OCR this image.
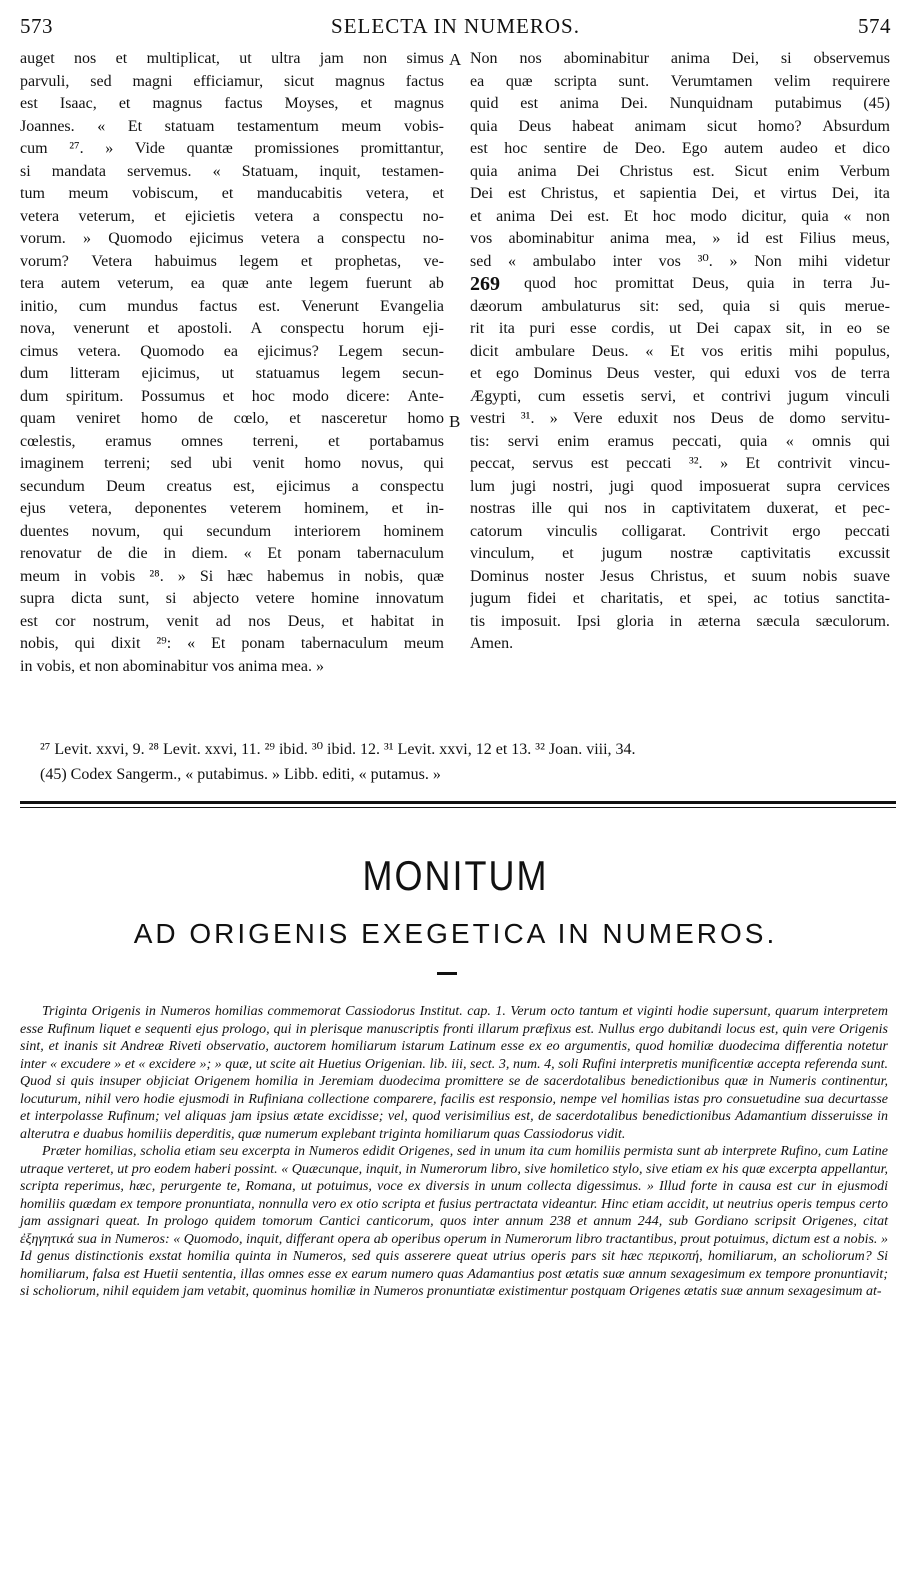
573	SELECTA IN NUMEROS.	574
auget nos et multiplicat, ut ultra jam non simus
parvuli, sed magni efficiamur, sicut magnus factus
est Isaac, et magnus factus Moyses, et magnus
Joannes. « Et statuam testamentum meum vobis-
cum ²⁷. » Vide quantæ promissiones promittantur,
si mandata servemus. « Statuam, inquit, testamen-
tum meum vobiscum, et manducabitis vetera, et
vetera veterum, et ejicietis vetera a conspectu no-
vorum. » Quomodo ejicimus vetera a conspectu no-
vorum? Vetera habuimus legem et prophetas, ve-
tera autem veterum, ea quæ ante legem fuerunt ab
initio, cum mundus factus est. Venerunt Evangelia
nova, venerunt et apostoli. A conspectu horum eji-
cimus vetera. Quomodo ea ejicimus? Legem secun-
dum litteram ejicimus, ut statuamus legem secun-
dum spiritum. Possumus et hoc modo dicere: Ante-
quam veniret homo de cœlo, et nasceretur homo
cœlestis, eramus omnes terreni, et portabamus
imaginem terreni; sed ubi venit homo novus, qui
secundum Deum creatus est, ejicimus a conspectu
ejus vetera, deponentes veterem hominem, et in-
duentes novum, qui secundum interiorem hominem
renovatur de die in diem. « Et ponam tabernaculum
meum in vobis ²⁸. » Si hæc habemus in nobis, quæ
supra dicta sunt, si abjecto vetere homine innovatum
est cor nostrum, venit ad nos Deus, et habitat in
nobis, qui dixit ²⁹: « Et ponam tabernaculum meum
in vobis, et non abominabitur vos anima mea. »
Non nos abominabitur anima Dei, si observemus
ea quæ scripta sunt. Verumtamen velim requirere
quid est anima Dei. Nunquidnam putabimus (45)
quia Deus habeat animam sicut homo? Absurdum
est hoc sentire de Deo. Ego autem audeo et dico
quia anima Dei Christus est. Sicut enim Verbum
Dei est Christus, et sapientia Dei, et virtus Dei, ita
et anima Dei est. Et hoc modo dicitur, quia « non
vos abominabitur anima mea, » id est Filius meus,
sed « ambulabo inter vos ³⁰. » Non mihi videtur
269 quod hoc promittat Deus, quia in terra Ju-
dæorum ambulaturus sit: sed, quia si quis merue-
rit ita puri esse cordis, ut Dei capax sit, in eo se
dicit ambulare Deus. « Et vos eritis mihi populus,
et ego Dominus Deus vester, qui eduxi vos de terra
Ægypti, cum essetis servi, et contrivi jugum vinculi
vestri ³¹. » Vere eduxit nos Deus de domo servitu-
tis: servi enim eramus peccati, quia « omnis qui
peccat, servus est peccati ³². » Et contrivit vincu-
lum jugi nostri, jugi quod imposuerat supra cervices
nostras ille qui nos in captivitatem duxerat, et pec-
catorum vinculis colligarat. Contrivit ergo peccati
vinculum, et jugum nostræ captivitatis excussit
Dominus noster Jesus Christus, et suum nobis suave
jugum fidei et charitatis, et spei, ac totius sanctita-
tis imposuit. Ipsi gloria in æterna sæcula sæculorum.
Amen.
A
B
²⁷ Levit. xxvi, 9. ²⁸ Levit. xxvi, 11. ²⁹ ibid. ³⁰ ibid. 12. ³¹ Levit. xxvi, 12 et 13. ³² Joan. viii, 34.
(45) Codex Sangerm., « putabimus. » Libb. editi, « putamus. »
MONITUM
AD ORIGENIS EXEGETICA IN NUMEROS.

Triginta Origenis in Numeros homilias commemorat Cassiodorus Institut. cap. 1. Verum octo tantum et viginti hodie supersunt, quarum interpretem esse Rufinum liquet e sequenti ejus prologo, qui in plerisque manuscriptis fronti illarum præfixus est. Nullus ergo dubitandi locus est, quin vere Origenis sint, et inanis sit Andreæ Riveti observatio, auctorem homiliarum istarum Latinum esse ex eo argumentis, quod homiliæ duodecima differentia notetur inter « excudere » et « excidere »; » quæ, ut scite ait Huetius Origenian. lib. iii, sect. 3, num. 4, soli Rufini interpretis munificentiæ accepta referenda sunt. Quod si quis insuper objiciat Origenem homilia in Jeremiam duodecima promittere se de sacerdotalibus benedictionibus quæ in Numeris continentur, locuturum, nihil vero hodie ejusmodi in Rufiniana collectione comparere, facilis est responsio, nempe vel homilias istas pro consuetudine sua decurtasse et interpolasse Rufinum; vel aliquas jam ipsius ætate excidisse; vel, quod verisimilius est, de sacerdotalibus benedictionibus Adamantium disseruisse in alterutra e duabus homiliis deperditis, quæ numerum explebant triginta homiliarum quas Cassiodorus vidit.

Præter homilias, scholia etiam seu excerpta in Numeros edidit Origenes, sed in unum ita cum homiliis permista sunt ab interprete Rufino, cum Latine utraque verteret, ut pro eodem haberi possint. « Quæcunque, inquit, in Numerorum libro, sive homiletico stylo, sive etiam ex his quæ excerpta appellantur, scripta reperimus, hæc, perurgente te, Romana, ut potuimus, voce ex diversis in unum collecta digessimus. » Illud forte in causa est cur in ejusmodi homiliis quædam ex tempore pronuntiata, nonnulla vero ex otio scripta et fusius pertractata videantur. Hinc etiam accidit, ut neutrius operis tempus certo jam assignari queat. In prologo quidem tomorum Cantici canticorum, quos inter annum 238 et annum 244, sub Gordiano scripsit Origenes, citat ἐξηγητικά sua in Numeros: « Quomodo, inquit, differant opera ab operibus operum in Numerorum libro tractantibus, prout potuimus, dictum est a nobis. » Id genus distinctionis exstat homilia quinta in Numeros, sed quis asserere queat utrius operis pars sit hæc περικοπή, homiliarum, an scholiorum? Si homiliarum, falsa est Huetii sententia, illas omnes esse ex earum numero quas Adamantius post ætatis suæ annum sexagesimum ex tempore pronuntiavit; si scholiorum, nihil equidem jam vetabit, quominus homiliæ in Numeros pronuntiatæ existimentur postquam Origenes ætatis suæ annum sexagesimum at-
